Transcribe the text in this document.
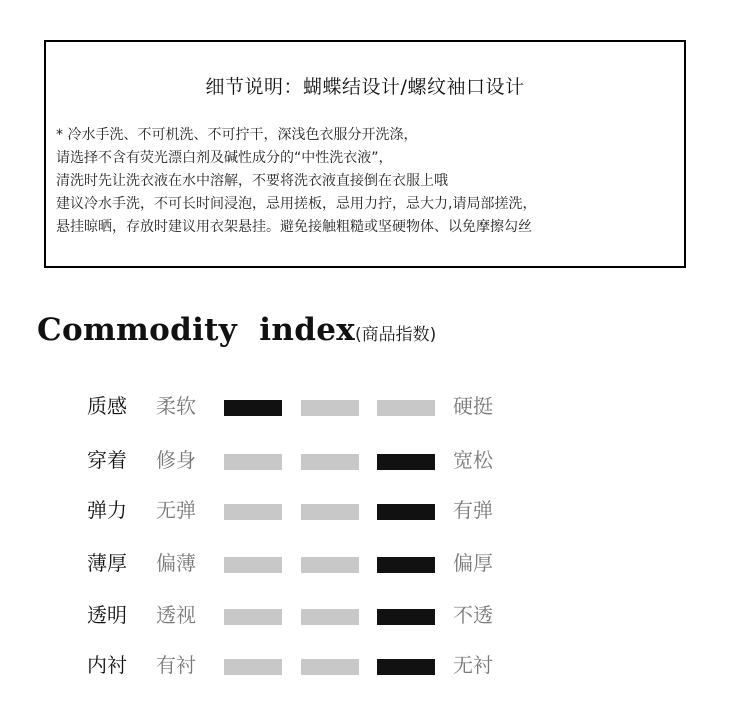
细节说明：蝴蝶结设计/螺纹袖口设计
* 冷水手洗、不可机洗、不可拧干，深浅色衣服分开洗涤，
请选择不含有荧光漂白剂及碱性成分的“中性洗衣液”，
清洗时先让洗衣液在水中溶解，不要将洗衣液直接倒在衣服上哦
建议冷水手洗，不可长时间浸泡，忌用搓板，忌用力拧，忌大力,请局部搓洗，
悬挂晾晒，存放时建议用衣架悬挂。避免接触粗糙或坚硬物体、以免摩擦勾丝
Commodity  index(商品指数)
质感 柔软	硬挺
穿着 修身	宽松
弹力 无弹	有弹
薄厚 偏薄	偏厚
透明 透视	不透
内衬 有衬	无衬
